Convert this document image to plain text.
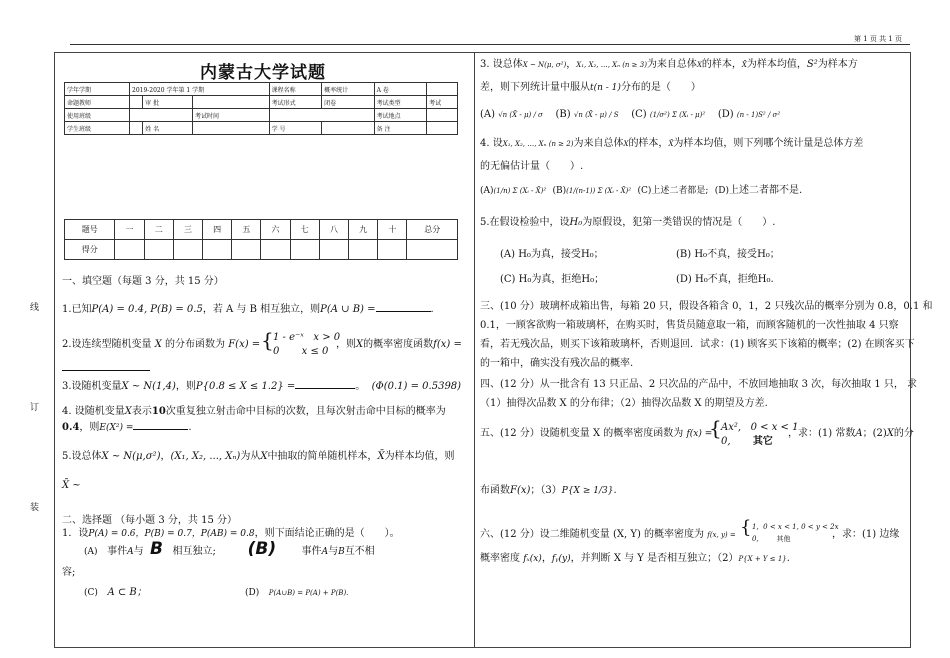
第 1 页 共 1 页
线
订
装
内蒙古大学试题
学年学期	2019-2020 学年第 1 学期			课程名称	概率统计	A 卷	
命题教师		审 批		考试形式	闭卷	考试类型	考试
使用班级			考试时间			考试地点	
学生班级		姓 名		学 号		备 注	
题号	一	二	三	四	五	六	七	八	九	十	总分
得分											
一、填空题（每题 3 分，共 15 分）
1.已知P(A) = 0.4, P(B) = 0.5，若 A 与 B 相互独立，则P(A ∪ B) =	.
2.设连续型随机变量 X 的分布函数为 F(x) = { 1 - e⁻ˣ x > 0
0 x ≤ 0
，则X的概率密度函数f(x) =
3.设随机变量X ~ N(1,4)，则P{0.8 ≤ X ≤ 1.2} =	。 (Φ(0.1) = 0.5398)
4. 设随机变量X表示10次重复独立射击命中目标的次数，且每次射击命中目标的概率为
0.4，则E(X²) =	.
5.设总体X ~ N(μ,σ²)，(X₁, X₂, ..., Xₙ)为从X中抽取的简单随机样本，X̄为样本均值，则
X̄ ~
二、选择题 （每小题 3 分，共 15 分）
1．设P(A) = 0.6，P(B) = 0.7，P(AB) = 0.8，则下面结论正确的是（　　）。
(A) 事件A与 B 相互独立; (B)	事件A与B互不相
容;
(C) A ⊂ B；	(D) P(A∪B) = P(A) + P(B).
3. 设总体X ~ N(μ, σ²)，X₁, X₂, …, Xₙ (n ≥ 3)为来自总体X的样本，X̄为样本均值，S²为样本方
差，则下列统计量中服从t(n - 1)分布的是（　　）
(A) √n (X̄ - μ) / σ (B) √n (X̄ - μ) / S (C) (1/σ²) Σ (Xᵢ - μ)² (D) (n - 1)S² / σ²
4. 设X₁, X₂, …, Xₙ (n ≥ 2)为来自总体X的样本，X̄为样本均值，则下列哪个统计量是总体方差
的无偏估计量（　　）.
(A)(1/n) Σ (Xᵢ - X̄)² (B)(1/(n-1)) Σ (Xᵢ - X̄)² (C)上述二者都是; (D)上述二者都不是.
5.在假设检验中，设H₀为原假设，犯第一类错误的情况是（　　）.
(A) H₀为真，接受H₀；	(B) H₀不真，接受H₀；
(C) H₀为真，拒绝H₀；	(D) H₀不真，拒绝H₀.
三、(10 分）玻璃杯成箱出售，每箱 20 只，假设各箱含 0，1，2 只残次品的概率分别为 0.8，0.1 和
0.1，一顾客欲购一箱玻璃杯，在购买时，售货员随意取一箱，而顾客随机的一次性抽取 4 只察
看，若无残次品，则买下该箱玻璃杯，否则退回．试求：(1) 顾客买下该箱的概率；(2) 在顾客买下
的一箱中，确实没有残次品的概率.
四、(12 分）从一批含有 13 只正品、2 只次品的产品中，不放回地抽取 3 次，每次抽取 1 只， 求
（1）抽得次品数 X 的分布律；（2）抽得次品数 X 的期望及方差.
五、(12 分）设随机变量 X 的概率密度函数为 f(x) =
{ Ax², 0 < x < 1
0, 其它
，求：(1) 常数A；(2)X的分
布函数F(x)；（3）P{X ≥ 1/3}.
六、(12 分）设二维随机变量 (X, Y) 的概率密度为 f(x, y) = { 1, 0 < x < 1, 0 < y < 2x
0,	其他	，求：(1) 边缘
概率密度 fₓ(x)，fᵧ(y)，并判断 X 与 Y 是否相互独立；（2）P{X + Y ≤ 1}.
